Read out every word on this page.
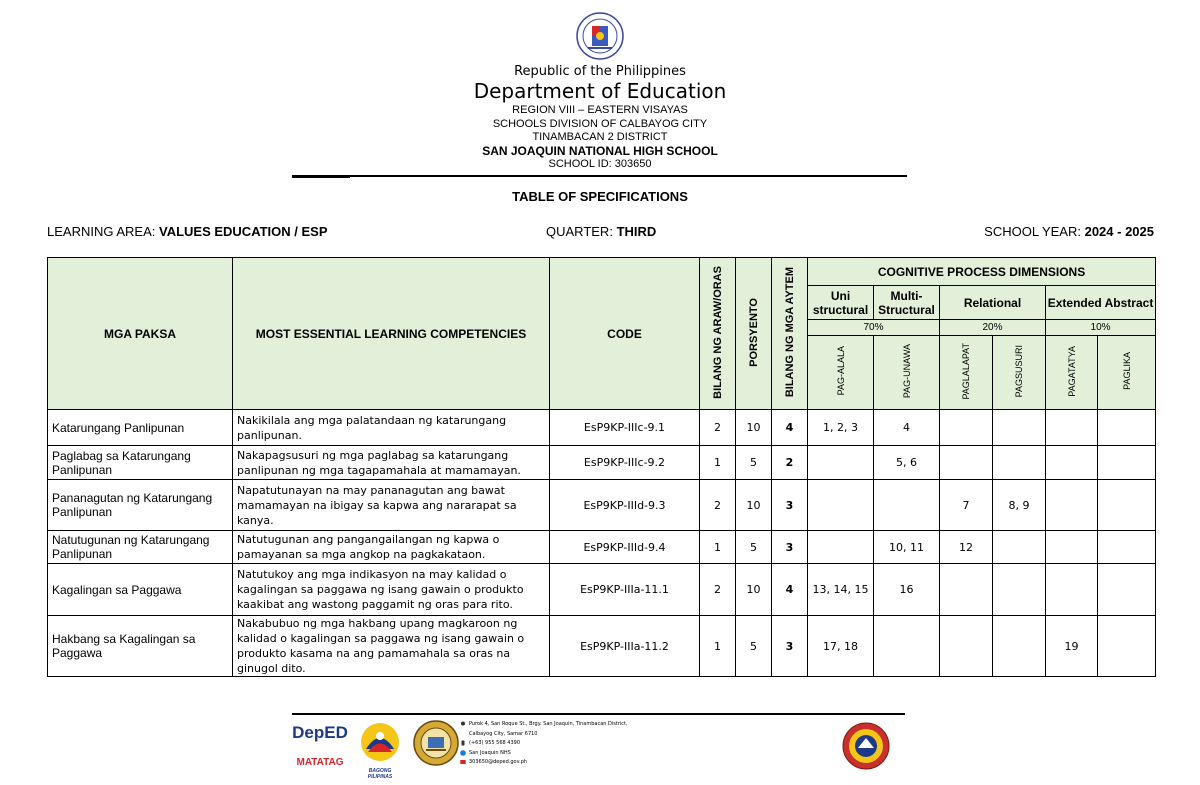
Republic of the Philippines
Department of Education
REGION VIII – EASTERN VISAYAS
SCHOOLS DIVISION OF CALBAYOG CITY
TINAMBACAN 2 DISTRICT
SAN JOAQUIN NATIONAL HIGH SCHOOL
SCHOOL ID: 303650
TABLE OF SPECIFICATIONS
LEARNING AREA: VALUES EDUCATION / ESP	QUARTER: THIRD	SCHOOL YEAR: 2024 - 2025
MGA PAKSA	MOST ESSENTIAL LEARNING COMPETENCIES	CODE	BILANG NG ARAW/ORAS	PORSYENTO	BILANG NG MGA AYTEM	COGNITIVE PROCESS DIMENSIONS					
						Uni structural	Multi-Structural	Relational		Extended Abstract	
						70%		20%		10%	
						PAG-ALALA	PAG-UNAWA	PAGLALAPAT	PAGSUSURI	PAGATATYA	PAGLIKA
Katarungang Panlipunan	Nakikilala ang mga palatandaan ng katarungang panlipunan.	EsP9KP-IIIc-9.1	2	10	4	1, 2, 3	4				
Paglabag sa Katarungang Panlipunan	Nakapagsusuri ng mga paglabag sa katarungang panlipunan ng mga tagapamahala at mamamayan.	EsP9KP-IIIc-9.2	1	5	2		5, 6				
Pananagutan ng Katarungang Panlipunan	Napatutunayan na may pananagutan ang bawat mamamayan na ibigay sa kapwa ang nararapat sa kanya.	EsP9KP-IIId-9.3	2	10	3			7	8, 9		
Natutugunan ng Katarungang Panlipunan	Natutugunan ang pangangailangan ng kapwa o pamayanan sa mga angkop na pagkakataon.	EsP9KP-IIId-9.4	1	5	3		10, 11	12			
Kagalingan sa Paggawa	Natutukoy ang mga indikasyon na may kalidad o kagalingan sa paggawa ng isang gawain o produkto kaakibat ang wastong paggamit ng oras para rito.	EsP9KP-IIIa-11.1	2	10	4	13, 14, 15	16				
Hakbang sa Kagalingan sa Paggawa	Nakabubuo ng mga hakbang upang magkaroon ng kalidad o kagalingan sa paggawa ng isang gawain o produkto kasama na ang pamamahala sa oras na ginugol dito.	EsP9KP-IIIa-11.2	1	5	3	17, 18				19	
DepED
MATATAG
BAGONG PILIPINAS
Purok 4, San Roque St., Brgy. San Joaquin, Tinambacan District, Calbayog City, Samar 6710
(+63) 955 568 4390
San Joaquin NHS
303650@deped.gov.ph
